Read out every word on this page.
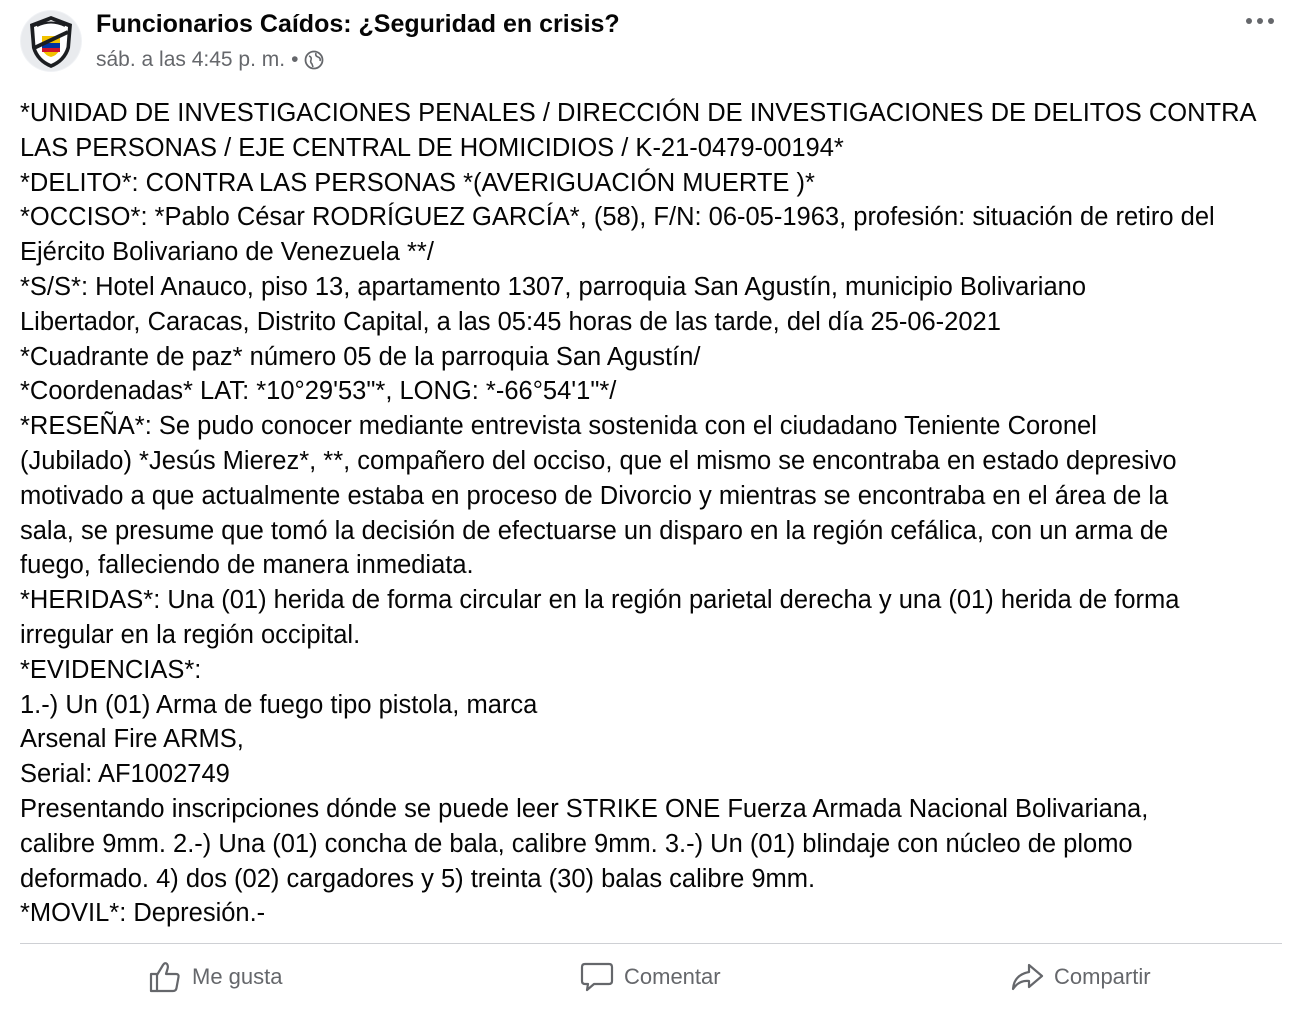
Funcionarios Caídos: ¿Seguridad en crisis?
sáb. a las 4:45 p. m. •
*UNIDAD DE INVESTIGACIONES PENALES / DIRECCIÓN DE INVESTIGACIONES DE DELITOS CONTRA
LAS PERSONAS / EJE CENTRAL DE HOMICIDIOS / K-21-0479-00194*
*DELITO*: CONTRA LAS PERSONAS *(AVERIGUACIÓN MUERTE )*
*OCCISO*: *Pablo César RODRÍGUEZ GARCÍA*, (58), F/N: 06-05-1963, profesión: situación de retiro del
Ejército Bolivariano de Venezuela **/
*S/S*: Hotel Anauco, piso 13, apartamento 1307, parroquia San Agustín, municipio Bolivariano
Libertador, Caracas, Distrito Capital, a las 05:45 horas de las tarde, del día 25-06-2021
*Cuadrante de paz* número 05 de la parroquia San Agustín/
*Coordenadas* LAT: *10°29'53"*, LONG: *-66°54'1"*/
*RESEÑA*: Se pudo conocer mediante entrevista sostenida con el ciudadano Teniente Coronel
(Jubilado) *Jesús Mierez*, **, compañero del occiso, que el mismo se encontraba en estado depresivo
motivado a que actualmente estaba en proceso de Divorcio y mientras se encontraba en el área de la
sala, se presume que tomó la decisión de efectuarse un disparo en la región cefálica, con un arma de
fuego, falleciendo de manera inmediata.
*HERIDAS*: Una (01) herida de forma circular en la región parietal derecha y una (01) herida de forma
irregular en la región occipital.
*EVIDENCIAS*:
1.-) Un (01) Arma de fuego tipo pistola, marca
Arsenal Fire ARMS,
Serial: AF1002749
Presentando inscripciones dónde se puede leer STRIKE ONE Fuerza Armada Nacional Bolivariana,
calibre 9mm. 2.-) Una (01) concha de bala, calibre 9mm. 3.-) Un (01) blindaje con núcleo de plomo
deformado. 4) dos (02) cargadores y 5) treinta (30) balas calibre 9mm.
*MOVIL*: Depresión.-
Me gusta	Comentar	Compartir
